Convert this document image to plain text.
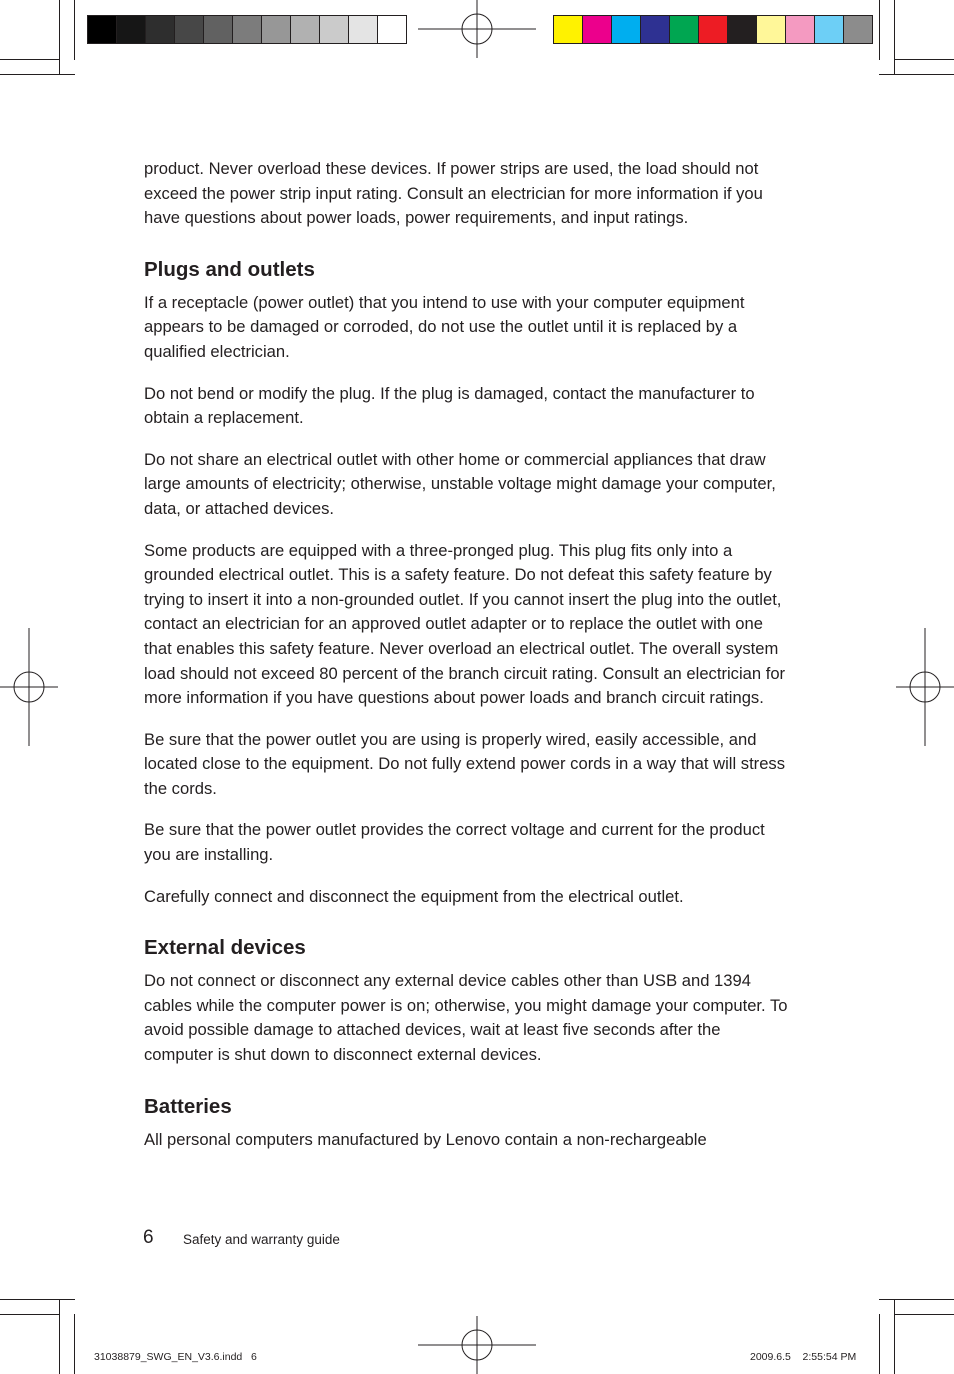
product. Never overload these devices. If power strips are used, the load should not exceed the power strip input rating. Consult an electrician for more information if you have questions about power loads, power requirements, and input ratings.

Plugs and outlets

If a receptacle (power outlet) that you intend to use with your computer equipment appears to be damaged or corroded, do not use the outlet until it is replaced by a qualified electrician.

Do not bend or modify the plug. If the plug is damaged, contact the manufacturer to obtain a replacement.

Do not share an electrical outlet with other home or commercial appliances that draw large amounts of electricity; otherwise, unstable voltage might damage your computer, data, or attached devices.

Some products are equipped with a three-pronged plug. This plug fits only into a grounded electrical outlet. This is a safety feature. Do not defeat this safety feature by trying to insert it into a non-grounded outlet. If you cannot insert the plug into the outlet, contact an electrician for an approved outlet adapter or to replace the outlet with one that enables this safety feature. Never overload an electrical outlet. The overall system load should not exceed 80 percent of the branch circuit rating. Consult an electrician for more information if you have questions about power loads and branch circuit ratings.

Be sure that the power outlet you are using is properly wired, easily accessible, and located close to the equipment. Do not fully extend power cords in a way that will stress the cords.

Be sure that the power outlet provides the correct voltage and current for the product you are installing.

Carefully connect and disconnect the equipment from the electrical outlet.

External devices

Do not connect or disconnect any external device cables other than USB and 1394 cables while the computer power is on; otherwise, you might damage your computer. To avoid possible damage to attached devices, wait at least five seconds after the computer is shut down to disconnect external devices.

Batteries

All personal computers manufactured by Lenovo contain a non-rechargeable

6 Safety and warranty guide
31038879_SWG_EN_V3.6.indd   6	2009.6.5    2:55:54 PM
